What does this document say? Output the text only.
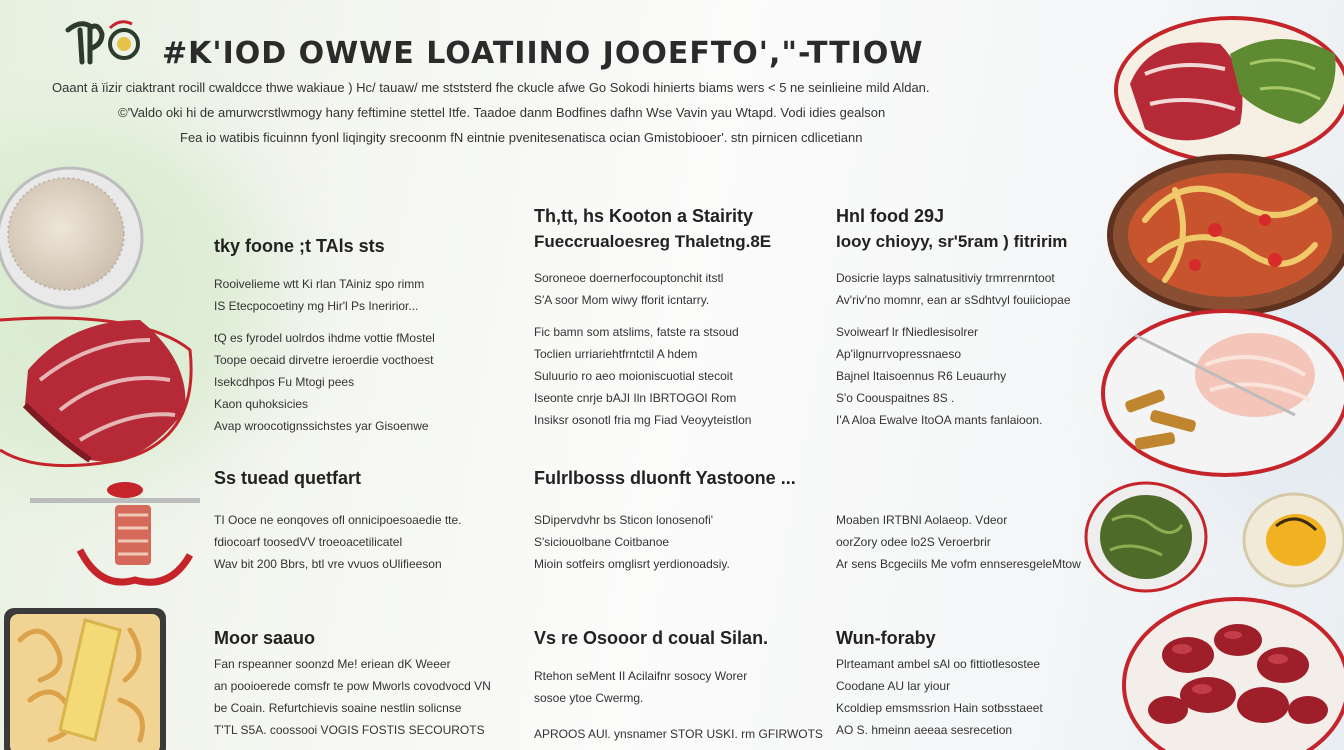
#K'IOD OWWE LOATIINO JOOEFTO',"-TTIOW
Oaant ä ïizir ciaktrant rocill cwaldcce thwe wakiaue ) Hc/ tauaw/ me stststerd fhe ckucle afwe Go Sokodi hinierts biams wers < 5 ne seinlieine mild Aldan.
©'Valdo oki hi de amurwcrstlwmogy hany feftimine stettel Itfe. Taadoe danm Bodfines dafhn Wse Vavin yau Wtapd. Vodi idies gealson
Fea io watibis ficuinnn fyonl liqingity srecoonm fN eintnie pvenitesenatisca ocian Gmistobiooer'. stn pirnicen cdlicetiann
tky foone ;t TAls sts

Rooivelieme wtt Ki rlan TAiniz spo rimm

IS Etecpocoetiny mg Hir'l Ps Ineririor...

tQ es fyrodel uolrdos ihdme vottie fMostel

Toope oecaid dirvetre ieroerdie vocthoest

Isekcdhpos Fu Mtogi pees

Kaon quhoksicies

Avap wroocotignssichstes yar Gisoenwe

Th,tt, hs Kooton a Stairity
Fueccrualoesreg Thaletng.8E

Soroneoe doernerfocouptonchit itstl

S'A soor Mom wiwy fforit icntarry.

Fic bamn som atslims, fatste ra stsoud

Toclien urriariehtfrntctil A hdem

Suluurio ro aeo moioniscuotial stecoit

Iseonte cnrje bAJI Iln IBRTOGOI Rom

Insiksr osonotl fria mg Fiad Veoyyteistlon

Hnl food 29J
Iooy chioyy, sr'5ram ) fitririm

Dosicrie layps salnatusitiviy trmrrenrntoot

Av'riv'no momnr, ean ar sSdhtvyl fouiiciopae

Svoiwearf lr fNiedlesisolrer

Ap'ilgnurrvopressnaeso

Bajnel Itaisoennus R6 Leuaurhy

S'o Coouspaitnes 8S .

I'A Aloa Ewalve ItoOA mants fanlaioon.

Ss tuead quetfart

TI Ooce ne eonqoves ofl onnicipoesoaedie tte.

fdiocoarf toosedVV troeoacetilicatel

Wav bit 200 Bbrs, btl vre vvuos oUlifieeson

Fulrlbosss dluonft Yastoone ...

SDipervdvhr bs Sticon lonosenofi'

S'siciouolbane Coitbanoe

Mioin sotfeirs omglisrt yerdionoadsiy.

Moaben IRTBNI Aolaeop. Vdeor

oorZory odee lo2S Veroerbrir

Ar sens Bcgeciils Me vofm ennseresgeleMtow

Moor saauo

Fan rspeanner soonzd Me! eriean dK Weeer

an pooioerede comsfr te pow Mworls covodvocd VN

be Coain. Refurtchievis soaine nestlin solicnse

T'TL S5A. coossooi VOGIS FOSTIS SECOUROTS

Vs re Osooor d coual Silan.

Rtehon seMent II Acilaifnr sosocy Worer

sosoe ytoe Cwermg.

APROOS AUl. ynsnamer STOR USKI. rm GFIRWOTS

Wun-foraby

Plrteamant ambel sAl oo fittiotlesostee

Coodane AU lar yiour

Kcoldiep emsmssrion Hain sotbsstaeet

AO S. hmeinn aeeaa sesrecetion
